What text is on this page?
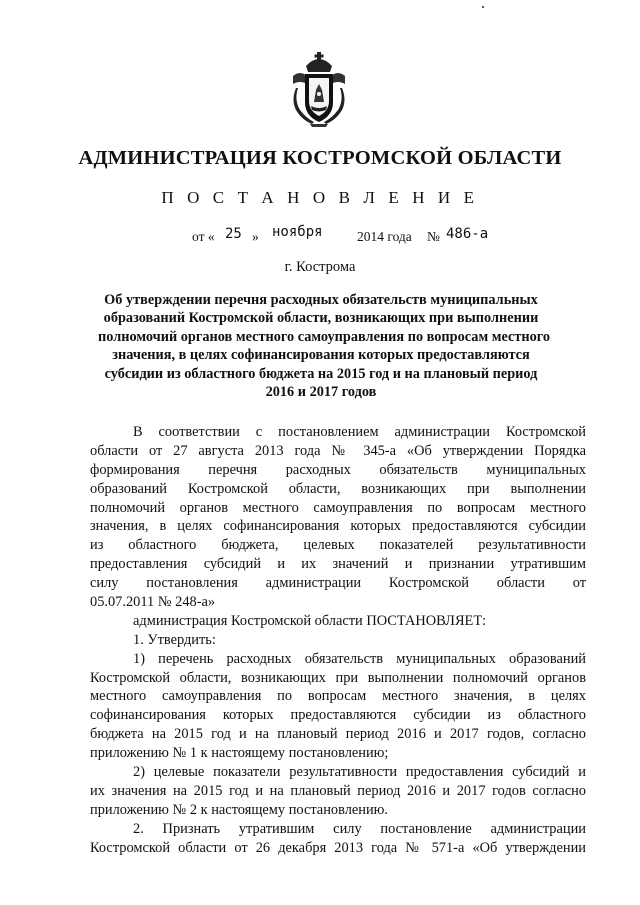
АДМИНИСТРАЦИЯ КОСТРОМСКОЙ ОБЛАСТИ
П О С Т А Н О В Л Е Н И Е
от « 25 » ноября	2014 года № 486-а
г. Кострома
Об утверждении перечня расходных обязательств муниципальных
образований Костромской области, возникающих при выполнении
полномочий органов местного самоуправления по вопросам местного
значения, в целях софинансирования которых предоставляются
субсидии из областного бюджета на 2015 год и на плановый период
2016 и 2017 годов
В соответствии с постановлением администрации Костромской
области от 27 августа 2013 года № 345-а «Об утверждении Порядка
формирования перечня расходных обязательств муниципальных
образований Костромской области, возникающих при выполнении
полномочий органов местного самоуправления по вопросам местного
значения, в целях софинансирования которых предоставляются субсидии
из областного бюджета, целевых показателей результативности
предоставления субсидий и их значений и признании утратившим
силу постановления администрации Костромской области от
05.07.2011 № 248-а»
администрация Костромской области ПОСТАНОВЛЯЕТ:
1. Утвердить:
1) перечень расходных обязательств муниципальных образований
Костромской области, возникающих при выполнении полномочий органов
местного самоуправления по вопросам местного значения, в целях
софинансирования которых предоставляются субсидии из областного
бюджета на 2015 год и на плановый период 2016 и 2017 годов, согласно
приложению № 1 к настоящему постановлению;
2) целевые показатели результативности предоставления субсидий и
их значения на 2015 год и на плановый период 2016 и 2017 годов согласно
приложению № 2 к настоящему постановлению.
2. Признать утратившим силу постановление администрации
Костромской области от 26 декабря 2013 года № 571-а «Об утверждении
